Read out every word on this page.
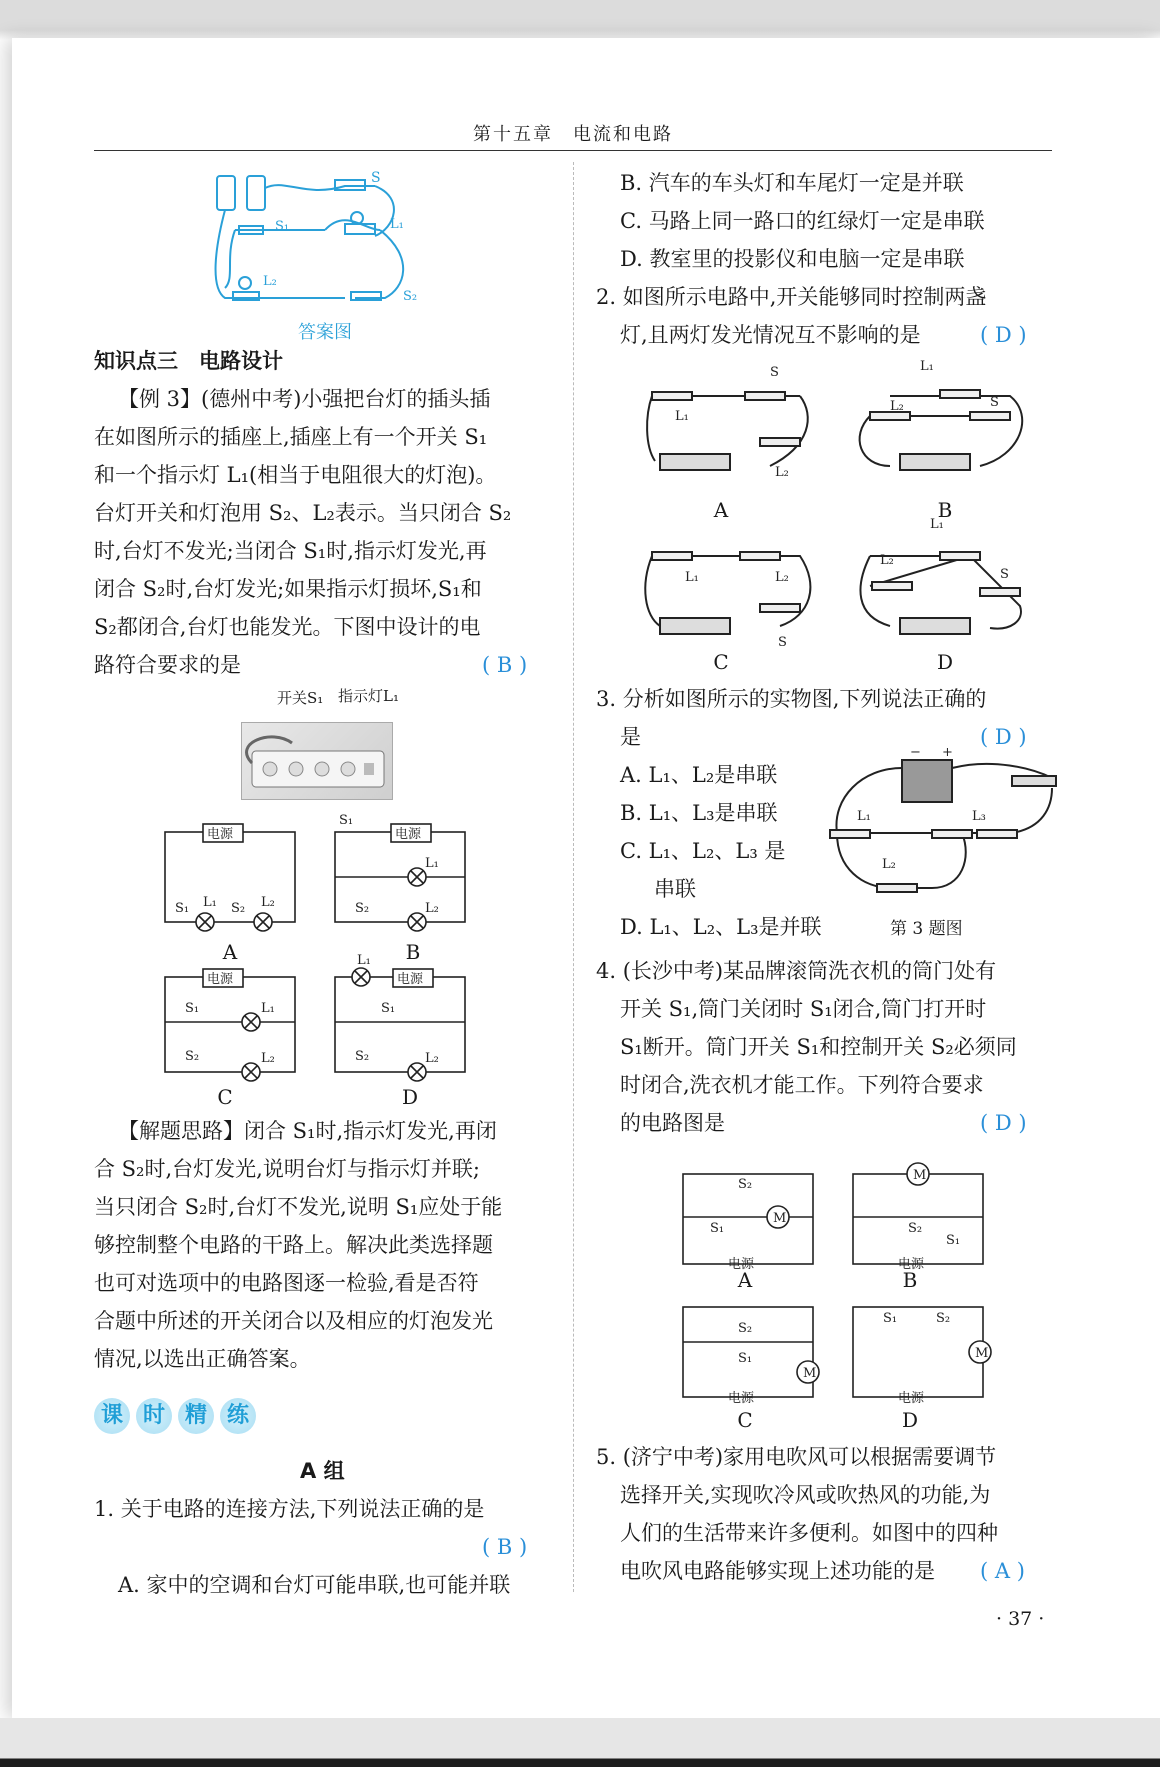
第十五章　电流和电路
S
S₁	L₁
L₂
S₂
答案图
知识点三　电路设计
【例 3】(德州中考)小强把台灯的插头插
在如图所示的插座上,插座上有一个开关 S₁
和一个指示灯 L₁(相当于电阻很大的灯泡)。
台灯开关和灯泡用 S₂、L₂表示。当只闭合 S₂
时,台灯不发光;当闭合 S₁时,指示灯发光,再
闭合 S₂时,台灯发光;如果指示灯损坏,S₁和
S₂都闭合,台灯也能发光。下图中设计的电
路符合要求的是	( B )
开关S₁ 指示灯L₁
电源	电源
电源	电源
S₁ L₁ S₂ L₂
S₁
L₁
S₂	L₂
S₁	L₁
S₂	L₂
L₁
S₁
S₂	L₂
A	B
C	D
【解题思路】闭合 S₁时,指示灯发光,再闭
合 S₂时,台灯发光,说明台灯与指示灯并联;
当只闭合 S₂时,台灯不发光,说明 S₁应处于能
够控制整个电路的干路上。解决此类选择题
也可对选项中的电路图逐一检验,看是否符
合题中所述的开关闭合以及相应的灯泡发光
情况,以选出正确答案。
课 时 精 练
A 组
1. 关于电路的连接方法,下列说法正确的是
( B )
A. 家中的空调和台灯可能串联,也可能并联
B. 汽车的车头灯和车尾灯一定是并联
C. 马路上同一路口的红绿灯一定是串联
D. 教室里的投影仪和电脑一定是串联
2. 如图所示电路中,开关能够同时控制两盏
灯,且两灯发光情况互不影响的是	( D )
L₁
S
L₂
L₁
L₂	S
L₁	L₂
S
L₁
L₂
S
A	B
C	D
3. 分析如图所示的实物图,下列说法正确的
是	( D )
A. L₁、L₂是串联
B. L₁、L₃是串联
C. L₁、L₂、L₃ 是
串联
D. L₁、L₂、L₃是并联
− +
L₁
L₂
L₃
第 3 题图
4. (长沙中考)某品牌滚筒洗衣机的筒门处有
开关 S₁,筒门关闭时 S₁闭合,筒门打开时
S₁断开。筒门开关 S₁和控制开关 S₂必须同
时闭合,洗衣机才能工作。下列符合要求
的电路图是	( D )
M
S₂
S₁
电源
M
S₂
S₁
电源
M
S₂
S₁
电源
M
S₁	S₂
电源
A	B
C	D
5. (济宁中考)家用电吹风可以根据需要调节
选择开关,实现吹冷风或吹热风的功能,为
人们的生活带来许多便利。如图中的四种
电吹风电路能够实现上述功能的是 ( A )
· 37 ·
